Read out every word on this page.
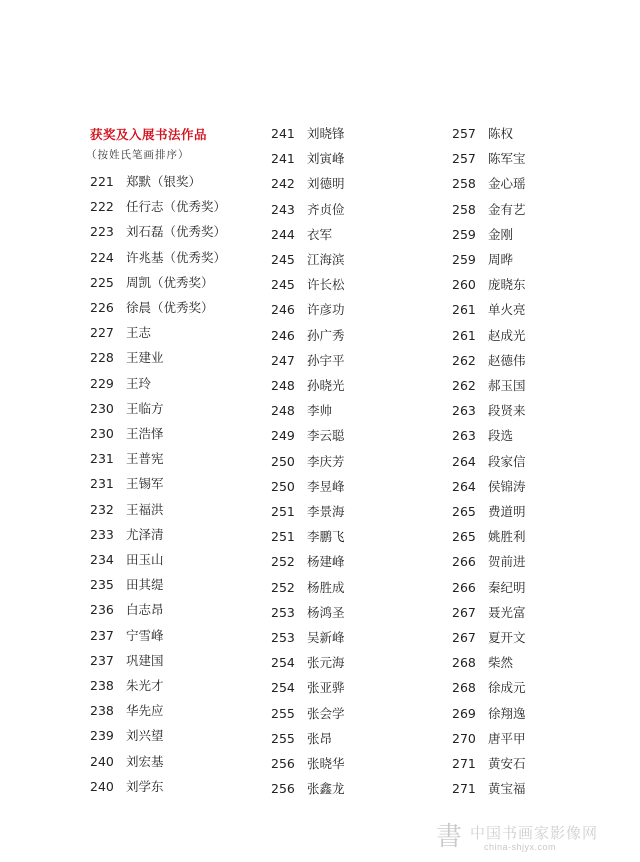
获奖及入展书法作品
（按姓氏笔画排序）
221 郑默（银奖）
222 任行志（优秀奖）
223 刘石磊（优秀奖）
224 许兆基（优秀奖）
225 周凯（优秀奖）
226 徐晨（优秀奖）
227 王志
228 王建业
229 王玲
230 王临方
230 王浩怿
231 王普宪
231 王锡军
232 王福洪
233 尤泽清
234 田玉山
235 田其缇
236 白志昂
237 宁雪峰
237 巩建国
238 朱光才
238 华先应
239 刘兴望
240 刘宏基
240 刘学东
241 刘晓锋
241 刘寅峰
242 刘德明
243 齐贞俭
244 衣军
245 江海滨
245 许长松
246 许彦功
246 孙广秀
247 孙宇平
248 孙晓光
248 李帅
249 李云聪
250 李庆芳
250 李昱峰
251 李景海
251 李鹏飞
252 杨建峰
252 杨胜成
253 杨鸿圣
253 吴新峰
254 张元海
254 张亚骅
255 张会学
255 张昂
256 张晓华
256 张鑫龙
257 陈权
257 陈军宝
258 金心瑶
258 金有艺
259 金刚
259 周晔
260 庞晓东
261 单火亮
261 赵成光
262 赵德伟
262 郝玉国
263 段贤来
263 段选
264 段家信
264 侯锦涛
265 费道明
265 姚胜利
266 贺前进
266 秦纪明
267 聂光富
267 夏开文
268 柴然
268 徐成元
269 徐翔逸
270 唐平甲
271 黄安石
271 黄宝福
書 中国书画家影像网
china-shjyx.com
